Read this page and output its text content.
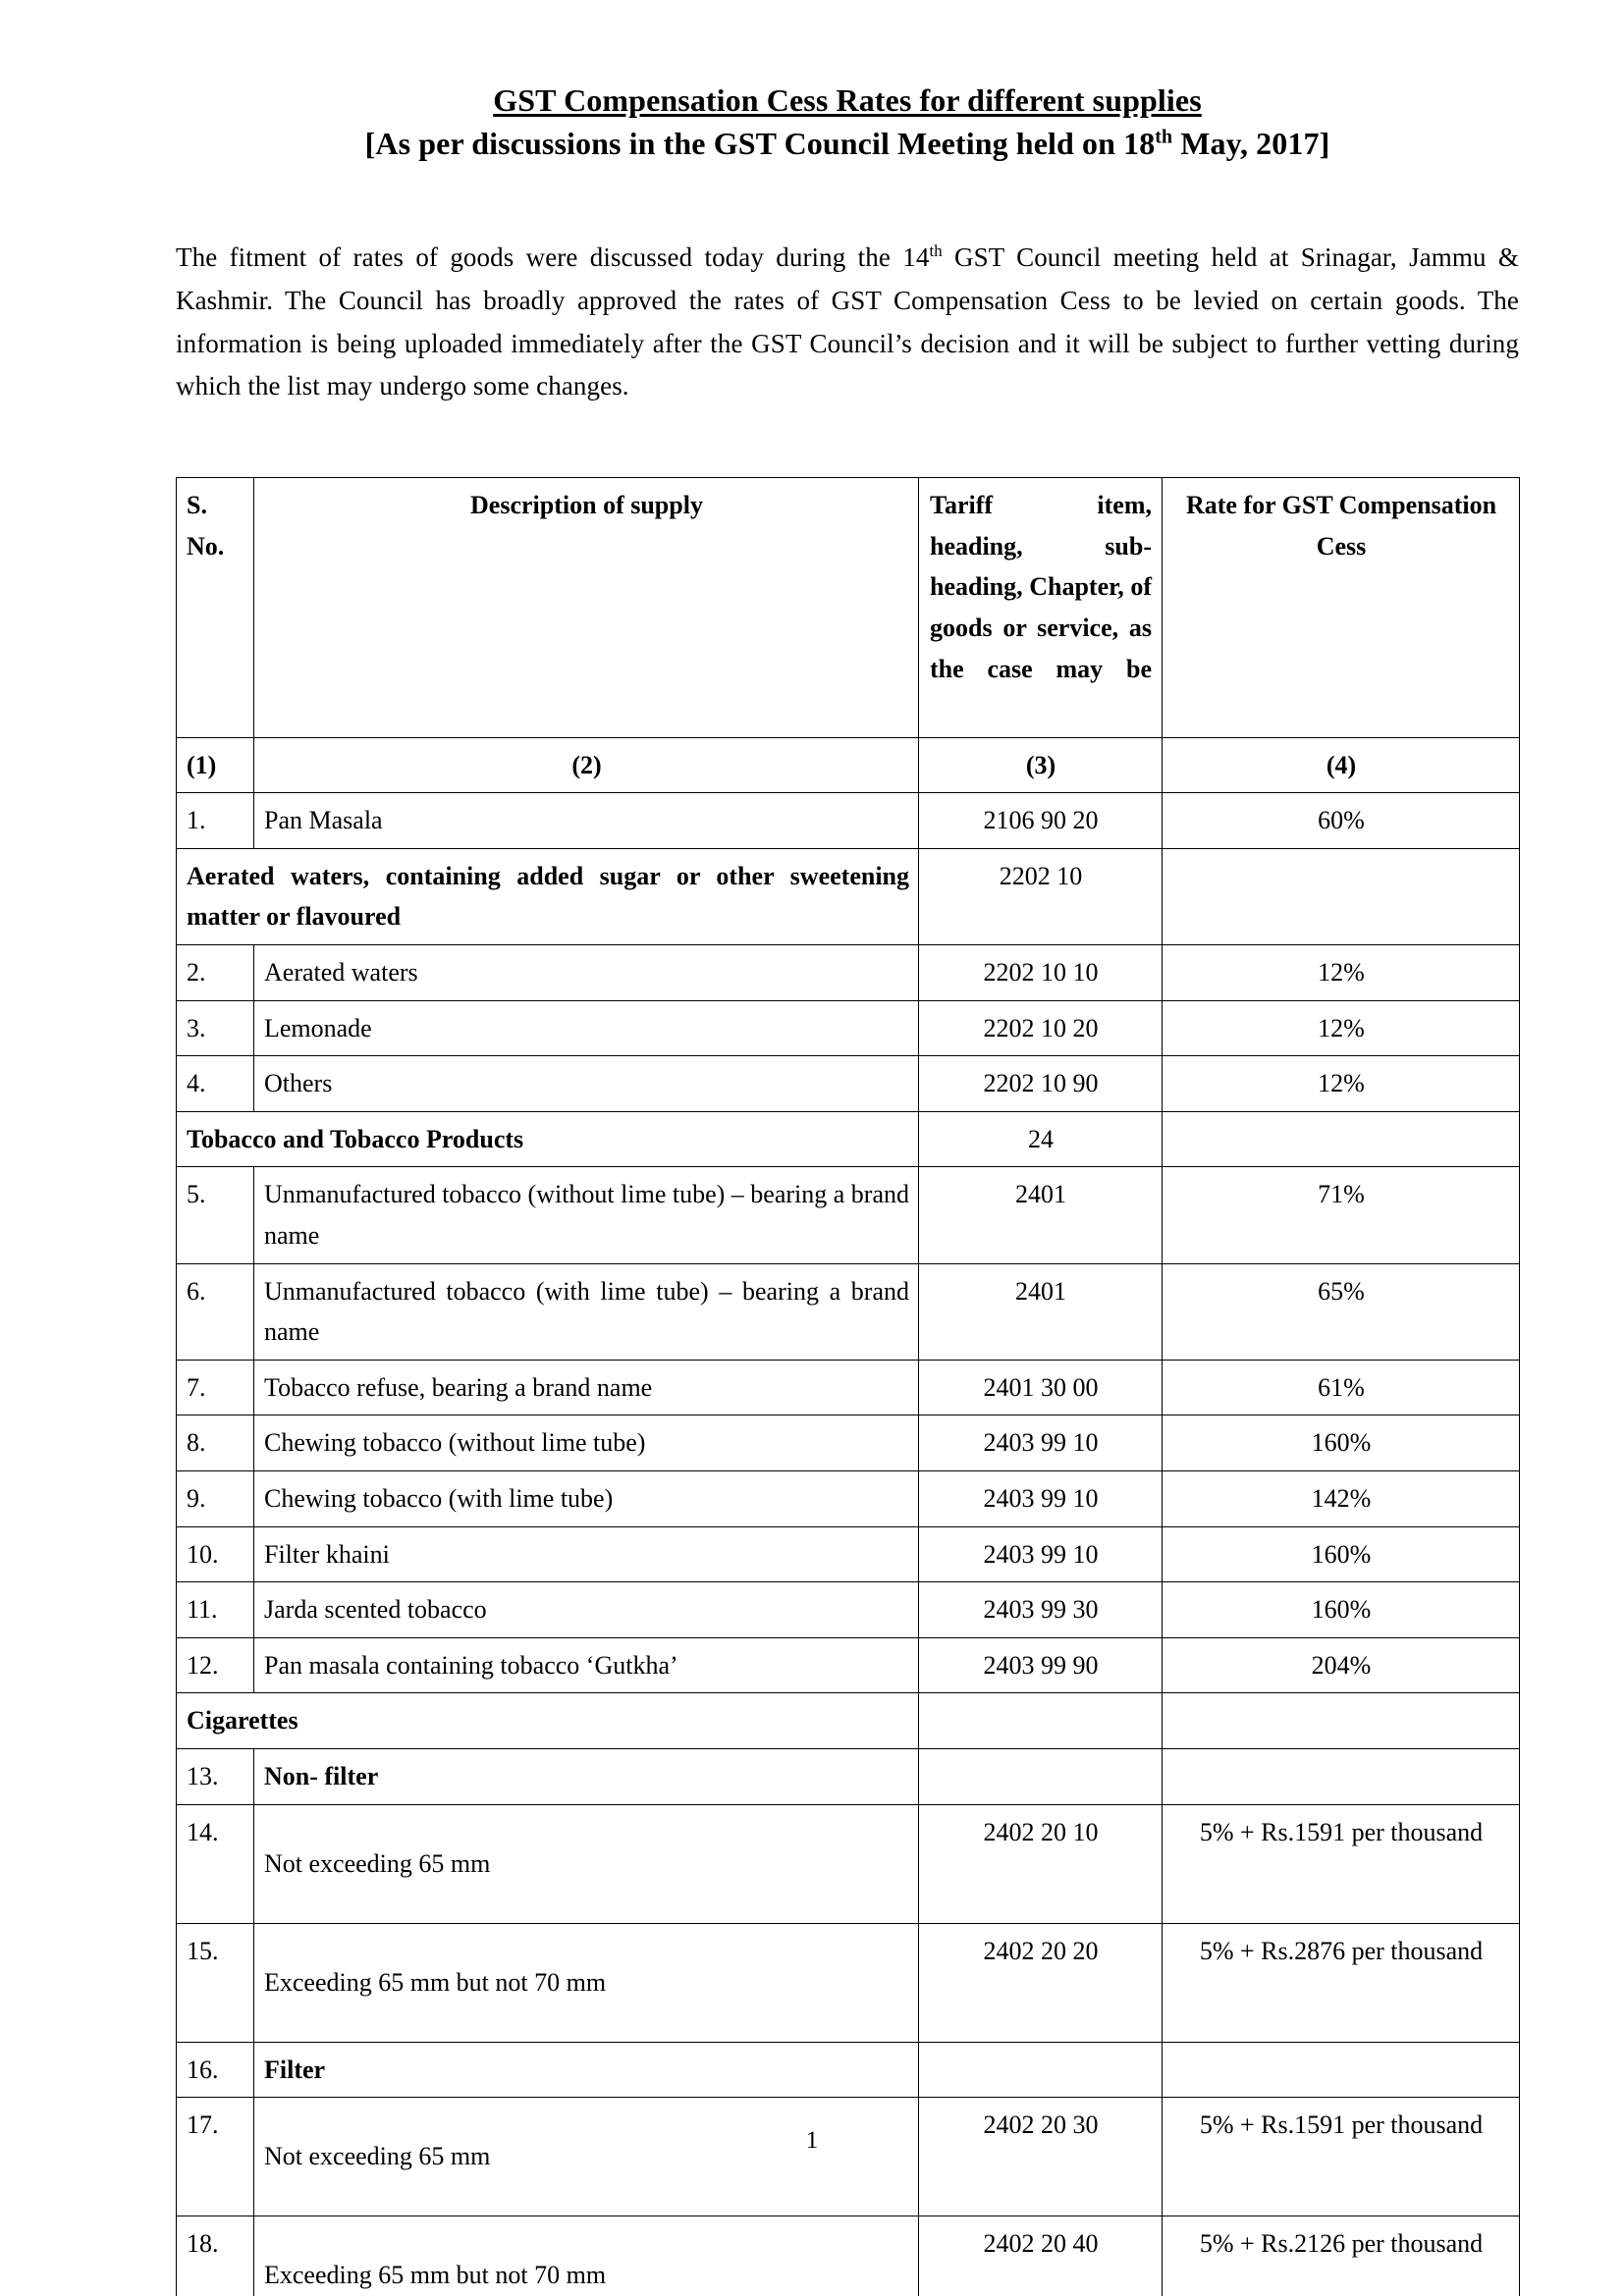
GST Compensation Cess Rates for different supplies
[As per discussions in the GST Council Meeting held on 18th May, 2017]

The fitment of rates of goods were discussed today during the 14th GST Council meeting held at Srinagar, Jammu & Kashmir. The Council has broadly approved the rates of GST Compensation Cess to be levied on certain goods. The information is being uploaded immediately after the GST Council’s decision and it will be subject to further vetting during which the list may undergo some changes.

S.
No.	Description of supply	Tariff item, heading, sub-heading, Chapter, of goods or service, as the case may be	Rate for GST Compensation Cess
(1)	(2)	(3)	(4)
1.	Pan Masala	2106 90 20	60%
Aerated waters, containing added sugar or other sweetening matter or flavoured		2202 10	
2.	Aerated waters	2202 10 10	12%
3.	Lemonade	2202 10 20	12%
4.	Others	2202 10 90	12%
Tobacco and Tobacco Products		24	
5.	Unmanufactured tobacco (without lime tube) – bearing a brand name	2401	71%
6.	Unmanufactured tobacco (with lime tube) – bearing a brand name	2401	65%
7.	Tobacco refuse, bearing a brand name	2401 30 00	61%
8.	Chewing tobacco (without lime tube)	2403 99 10	160%
9.	Chewing tobacco (with lime tube)	2403 99 10	142%
10.	Filter khaini	2403 99 10	160%
11.	Jarda scented tobacco	2403 99 30	160%
12.	Pan masala containing tobacco ‘Gutkha’	2403 99 90	204%
Cigarettes			
13.	Non- filter		
14.	Not exceeding 65 mm	2402 20 10	5% + Rs.1591 per thousand
15.	Exceeding 65 mm but not 70 mm	2402 20 20	5% + Rs.2876 per thousand
16.	Filter		
17.	Not exceeding 65 mm	2402 20 30	5% + Rs.1591 per thousand
18.	Exceeding 65 mm but not 70 mm	2402 20 40	5% + Rs.2126 per thousand
1
